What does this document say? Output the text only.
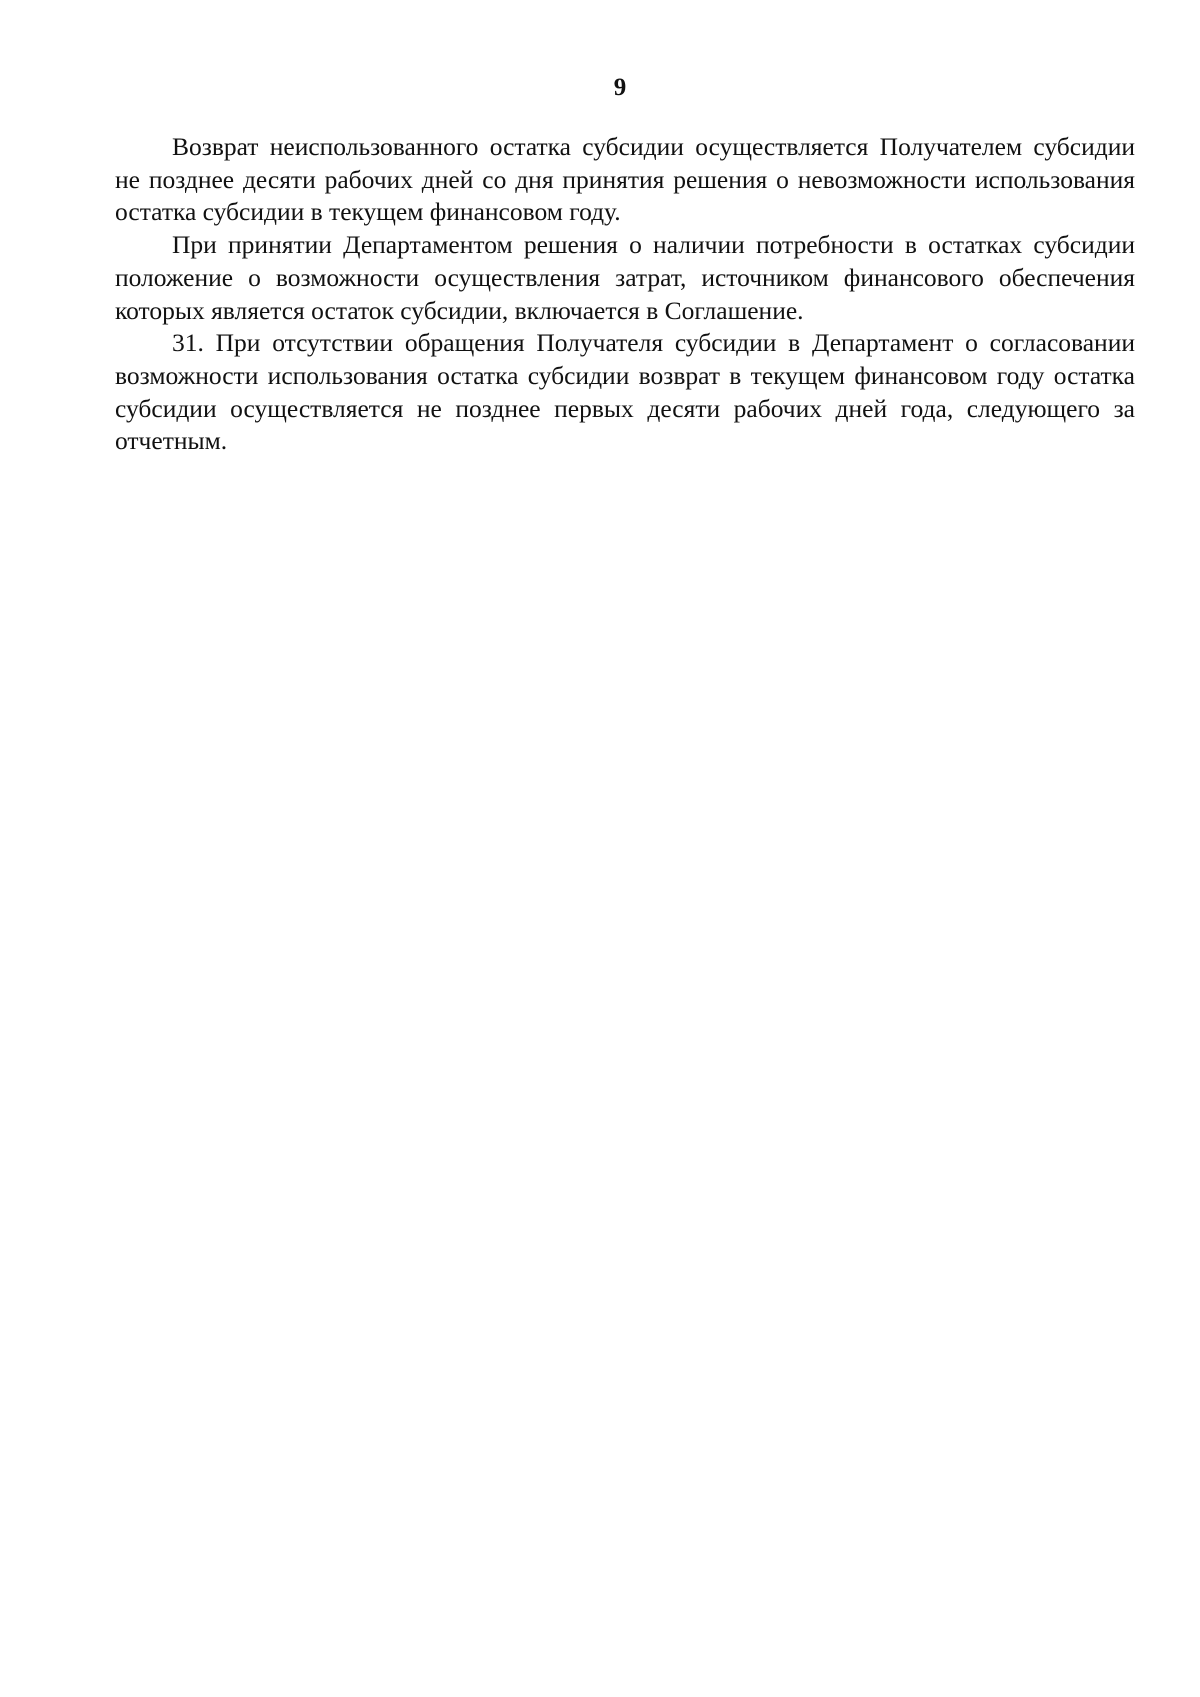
9

Возврат неиспользованного остатка субсидии осуществляется Получателем субсидии не позднее десяти рабочих дней со дня принятия решения о невозможности использования остатка субсидии в текущем финансовом году.

При принятии Департаментом решения о наличии потребности в остатках субсидии положение о возможности осуществления затрат, источником финансового обеспечения которых является остаток субсидии, включается в Соглашение.

31. При отсутствии обращения Получателя субсидии в Департамент о согласовании возможности использования остатка субсидии возврат в текущем финансовом году остатка субсидии осуществляется не позднее первых десяти рабочих дней года, следующего за отчетным.
